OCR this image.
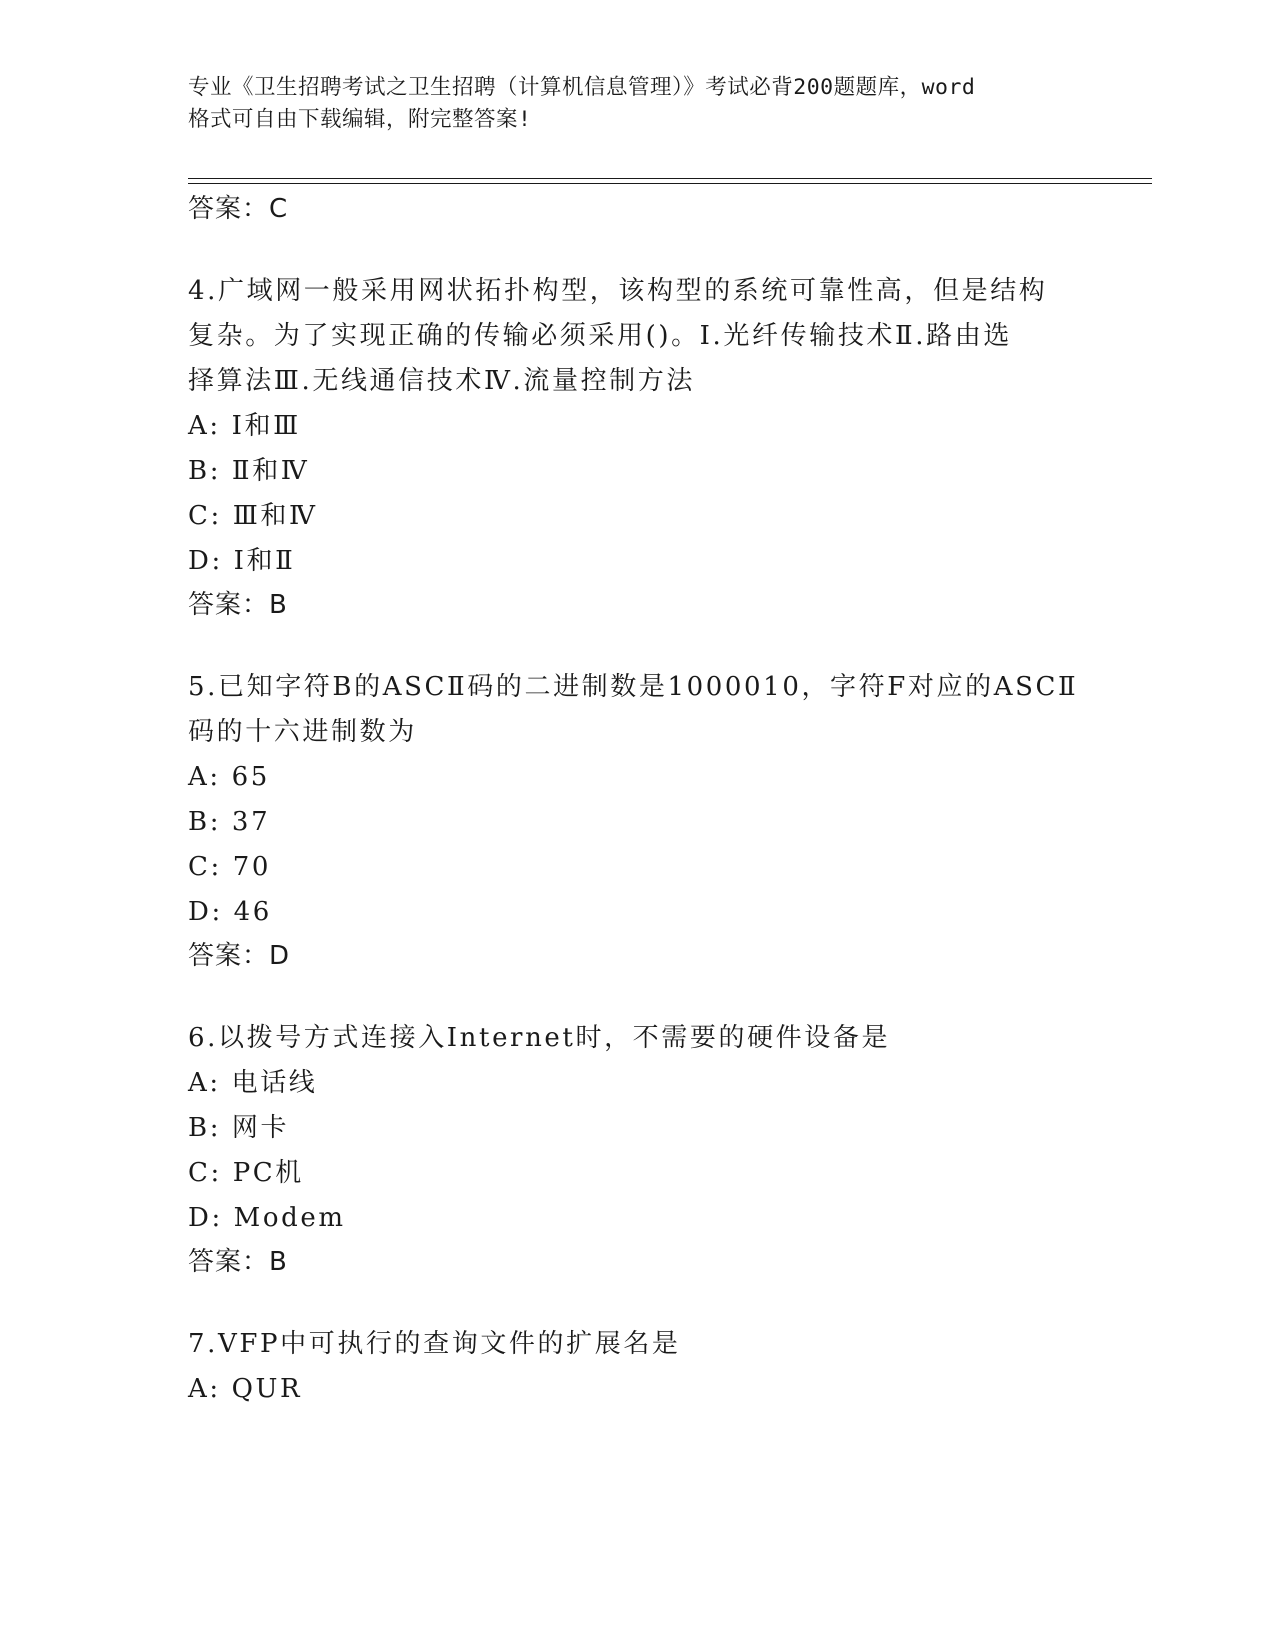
专业《卫生招聘考试之卫生招聘（计算机信息管理）》考试必背200题题库，word
格式可自由下载编辑，附完整答案!
答案：C
4.广域网一般采用网状拓扑构型，该构型的系统可靠性高，但是结构
复杂。为了实现正确的传输必须采用()。Ⅰ.光纤传输技术Ⅱ.路由选
择算法Ⅲ.无线通信技术Ⅳ.流量控制方法
A: Ⅰ和Ⅲ
B: Ⅱ和Ⅳ
C: Ⅲ和Ⅳ
D: Ⅰ和Ⅱ
答案：B
5.已知字符B的ASCⅡ码的二进制数是1000010，字符F对应的ASCⅡ
码的十六进制数为
A: 65
B: 37
C: 70
D: 46
答案：D
6.以拨号方式连接入Internet时，不需要的硬件设备是
A: 电话线
B: 网卡
C: PC机
D: Modem
答案：B
7.VFP中可执行的查询文件的扩展名是
A: QUR
